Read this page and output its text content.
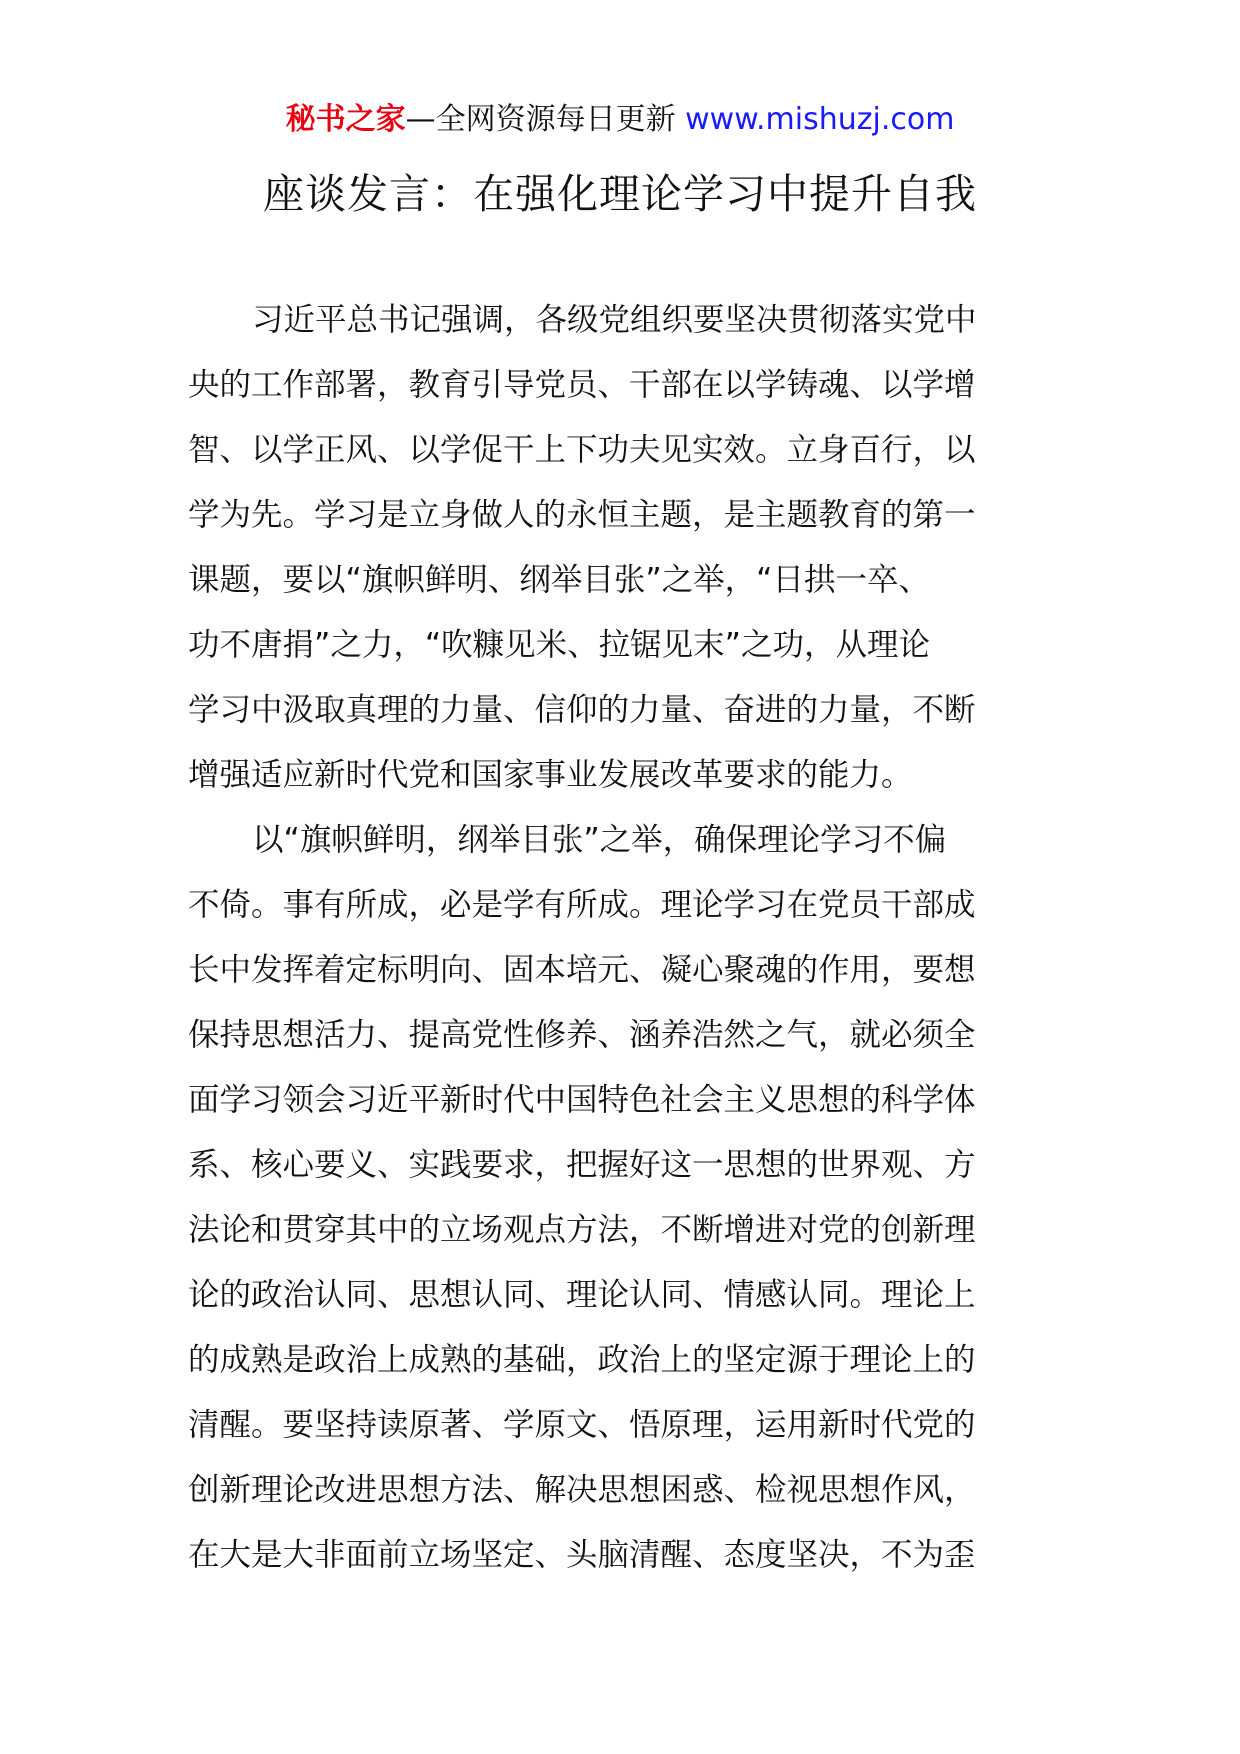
秘书之家—全网资源每日更新 www.mishuzj.com
座谈发言：在强化理论学习中提升自我
习近平总书记强调，各级党组织要坚决贯彻落实党中
央的工作部署，教育引导党员、干部在以学铸魂、以学增
智、以学正风、以学促干上下功夫见实效。立身百行，以
学为先。学习是立身做人的永恒主题，是主题教育的第一
课题，要以“旗帜鲜明、纲举目张”之举，“日拱一卒、
功不唐捐”之力，“吹糠见米、拉锯见末”之功，从理论
学习中汲取真理的力量、信仰的力量、奋进的力量，不断
增强适应新时代党和国家事业发展改革要求的能力。
以“旗帜鲜明，纲举目张”之举，确保理论学习不偏
不倚。事有所成，必是学有所成。理论学习在党员干部成
长中发挥着定标明向、固本培元、凝心聚魂的作用，要想
保持思想活力、提高党性修养、涵养浩然之气，就必须全
面学习领会习近平新时代中国特色社会主义思想的科学体
系、核心要义、实践要求，把握好这一思想的世界观、方
法论和贯穿其中的立场观点方法，不断增进对党的创新理
论的政治认同、思想认同、理论认同、情感认同。理论上
的成熟是政治上成熟的基础，政治上的坚定源于理论上的
清醒。要坚持读原著、学原文、悟原理，运用新时代党的
创新理论改进思想方法、解决思想困惑、检视思想作风，
在大是大非面前立场坚定、头脑清醒、态度坚决，不为歪
